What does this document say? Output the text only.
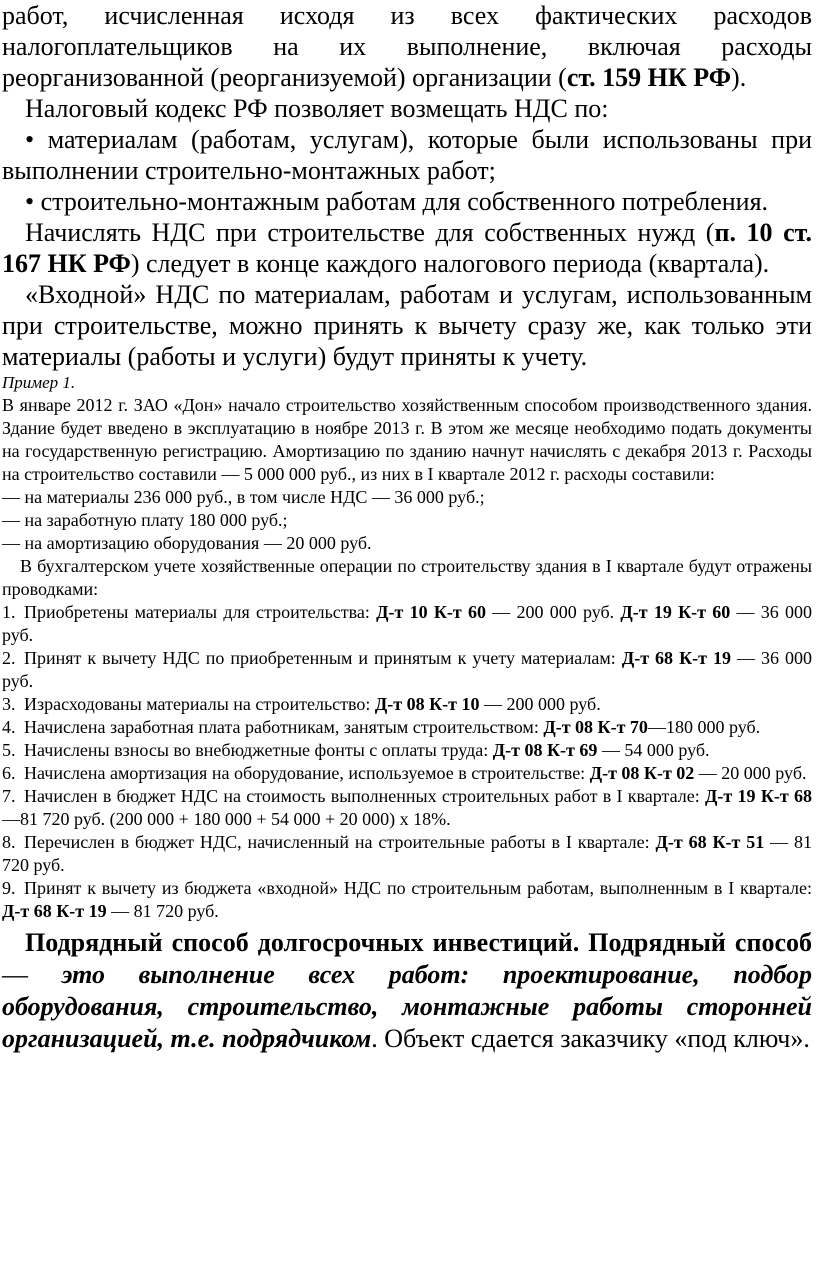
работ, исчисленная исходя из всех фактических расходов налогоплательщиков на их выполнение, включая расходы реорганизованной (реорганизуемой) организации (ст. 159 НК РФ).

Налоговый кодекс РФ позволяет возмещать НДС по:

• материалам (работам, услугам), которые были использованы при выполнении строительно-монтажных работ;

• строительно-монтажным работам для собственного потребления.

Начислять НДС при строительстве для собственных нужд (п. 10 ст. 167 НК РФ) следует в конце каждого налогового периода (квартала).

«Входной» НДС по материалам, работам и услугам, использованным при строительстве, можно принять к вычету сразу же, как только эти материалы (работы и услуги) будут приняты к учету.

Пример 1.

В январе 2012 г. ЗАО «Дон» начало строительство хозяйственным способом производственного здания. Здание будет введено в эксплуатацию в ноябре 2013 г. В этом же месяце необходимо подать документы на государственную регистрацию. Амортизацию по зданию начнут начислять с декабря 2013 г. Расходы на строительство составили — 5 000 000 руб., из них в I квартале 2012 г. расходы составили:

— на материалы 236 000 руб., в том числе НДС — 36 000 руб.;

— на заработную плату 180 000 руб.;

— на амортизацию оборудования — 20 000 руб.

В бухгалтерском учете хозяйственные операции по строительству здания в I квартале будут отражены проводками:

1. Приобретены материалы для строительства: Д-т 10 К-т 60 — 200 000 руб. Д-т 19 К-т 60 — 36 000 руб.

2. Принят к вычету НДС по приобретенным и принятым к учету материалам: Д-т 68 К-т 19 — 36 000 руб.

3. Израсходованы материалы на строительство: Д-т 08 К-т 10 — 200 000 руб.

4. Начислена заработная плата работникам, занятым строительством: Д-т 08 К-т 70—180 000 руб.

5. Начислены взносы во внебюджетные фонты с оплаты труда: Д-т 08 К-т 69 — 54 000 руб.

6. Начислена амортизация на оборудование, используемое в строительстве: Д-т 08 К-т 02 — 20 000 руб.

7. Начислен в бюджет НДС на стоимость выполненных строительных работ в I квартале: Д-т 19 К-т 68 —81 720 руб. (200 000 + 180 000 + 54 000 + 20 000) х 18%.

8. Перечислен в бюджет НДС, начисленный на строительные работы в I квартале: Д-т 68 К-т 51 — 81 720 руб.

9. Принят к вычету из бюджета «входной» НДС по строительным работам, выполненным в I квартале: Д-т 68 К-т 19 — 81 720 руб.

Подрядный способ долгосрочных инвестиций. Подрядный способ — это выполнение всех работ: проектирование, подбор оборудования, строительство, монтажные работы сторонней организацией, т.е. подрядчиком. Объект сдается заказчику «под ключ».
